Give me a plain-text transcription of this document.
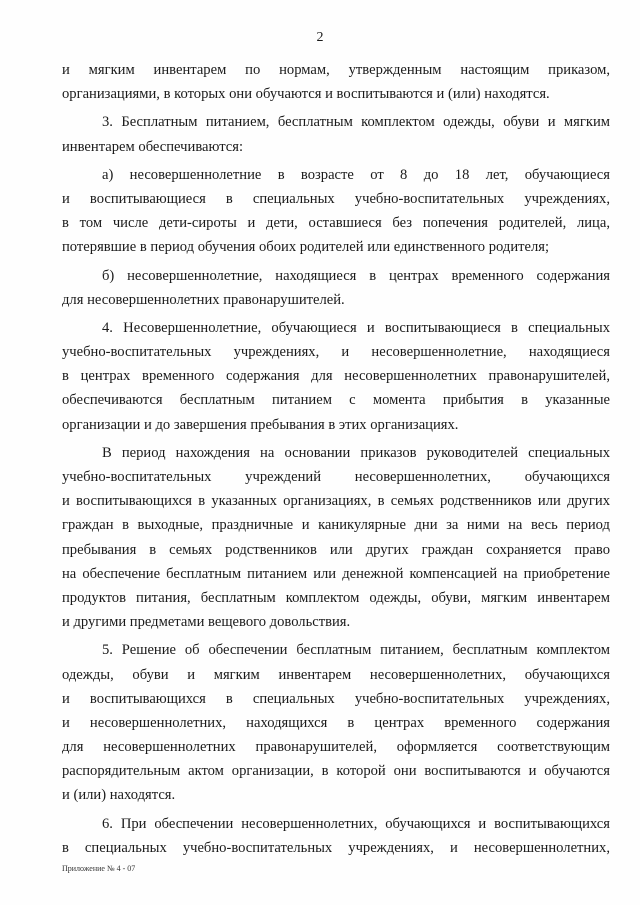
2
и мягким инвентарем по нормам, утвержденным настоящим приказом,
организациями, в которых они обучаются и воспитываются и (или) находятся.
3. Бесплатным питанием, бесплатным комплектом одежды, обуви и мягким
инвентарем обеспечиваются:
а) несовершеннолетние в возрасте от 8 до 18 лет, обучающиеся
и воспитывающиеся в специальных учебно-воспитательных учреждениях,
в том числе дети-сироты и дети, оставшиеся без попечения родителей, лица,
потерявшие в период обучения обоих родителей или единственного родителя;
б) несовершеннолетние, находящиеся в центрах временного содержания
для несовершеннолетних правонарушителей.
4. Несовершеннолетние, обучающиеся и воспитывающиеся в специальных
учебно-воспитательных учреждениях, и несовершеннолетние, находящиеся
в центрах временного содержания для несовершеннолетних правонарушителей,
обеспечиваются бесплатным питанием с момента прибытия в указанные
организации и до завершения пребывания в этих организациях.
В период нахождения на основании приказов руководителей специальных
учебно-воспитательных учреждений несовершеннолетних, обучающихся
и воспитывающихся в указанных организациях, в семьях родственников или других
граждан в выходные, праздничные и каникулярные дни за ними на весь период
пребывания в семьях родственников или других граждан сохраняется право
на обеспечение бесплатным питанием или денежной компенсацией на приобретение
продуктов питания, бесплатным комплектом одежды, обуви, мягким инвентарем
и другими предметами вещевого довольствия.
5. Решение об обеспечении бесплатным питанием, бесплатным комплектом
одежды, обуви и мягким инвентарем несовершеннолетних, обучающихся
и воспитывающихся в специальных учебно-воспитательных учреждениях,
и несовершеннолетних, находящихся в центрах временного содержания
для несовершеннолетних правонарушителей, оформляется соответствующим
распорядительным актом организации, в которой они воспитываются и обучаются
и (или) находятся.
6. При обеспечении несовершеннолетних, обучающихся и воспитывающихся
в специальных учебно-воспитательных учреждениях, и несовершеннолетних,
Приложение № 4 - 07
